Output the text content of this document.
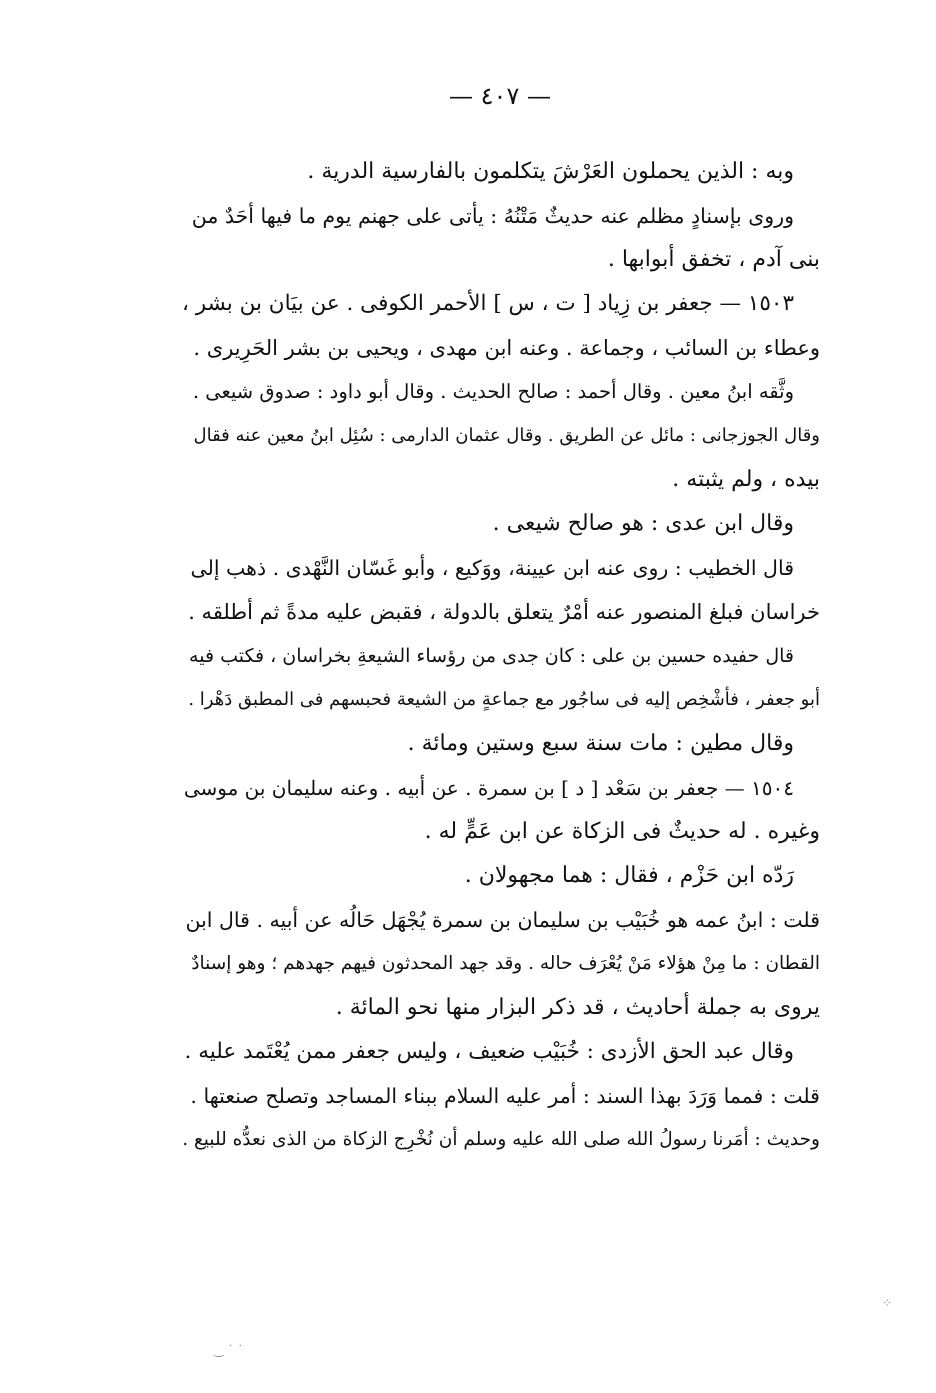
— ٤٠٧ —
وبه : الذين يحملون العَرْشَ يتكلمون بالفارسية الدرية .
وروى بإسنادٍ مظلم عنه حديثٌ مَتْنُهُ : يأتى على جهنم يوم ما فيها أحَدٌ من
بنى آدم ، تخفق أبوابها .
١٥٠٣ — جعفر بن زِياد [ ت ، س ] الأحمر الكوفى . عن بيَان بن بشر ،
وعطاء بن السائب ، وجماعة . وعنه ابن مهدى ، ويحيى بن بشر الحَرِيرى .
وثَّقه ابنُ معين . وقال أحمد : صالح الحديث . وقال أبو داود : صدوق شيعى .
وقال الجوزجانى : مائل عن الطريق . وقال عثمان الدارمى : سُئِل ابنُ معين عنه فقال
بيده ، ولم يثبته .
وقال ابن عدى : هو صالح شيعى .
قال الخطيب : روى عنه ابن عيينة، ووَكيع ، وأبو غَسّان النَّهْدى . ذهب إلى
خراسان فبلغ المنصور عنه أمْرٌ يتعلق بالدولة ، فقبض عليه مدةً ثم أطلقه .
قال حفيده حسين بن على : كان جدى من رؤساء الشيعةِ بخراسان ، فكتب فيه
أبو جعفر ، فأشْخِص إليه فى ساجُور مع جماعةٍ من الشيعة فحبسهم فى المطبق دَهْرا .
وقال مطين : مات سنة سبع وستين ومائة .
١٥٠٤ — جعفر بن سَعْد [ د ] بن سمرة . عن أبيه . وعنه سليمان بن موسى
وغيره . له حديثٌ فى الزكاة عن ابن عَمٍّ له .
رَدّه ابن حَزْم ، فقال : هما مجهولان .
قلت : ابنُ عمه هو خُبَيْب بن سليمان بن سمرة يُجْهَل حَالُه عن أبيه . قال ابن
القطان : ما مِنْ هؤلاء مَنْ يُعْرَف حاله . وقد جهد المحدثون فيهم جهدهم ؛ وهو إسنادٌ
يروى به جملة أحاديث ، قد ذكر البزار منها نحو المائة .
وقال عبد الحق الأزدى : خُبَيْب ضعيف ، وليس جعفر ممن يُعْتَمد عليه .
قلت : فمما وَرَدَ بهذا السند : أمر عليه السلام ببناء المساجد وتصلح صنعتها .
وحديث : أمَرنا رسولُ الله صلى الله عليه وسلم أن نُخْرِج الزكاة من الذى نعدُّه للبيع .
⁘
‿ ˙ ˙
